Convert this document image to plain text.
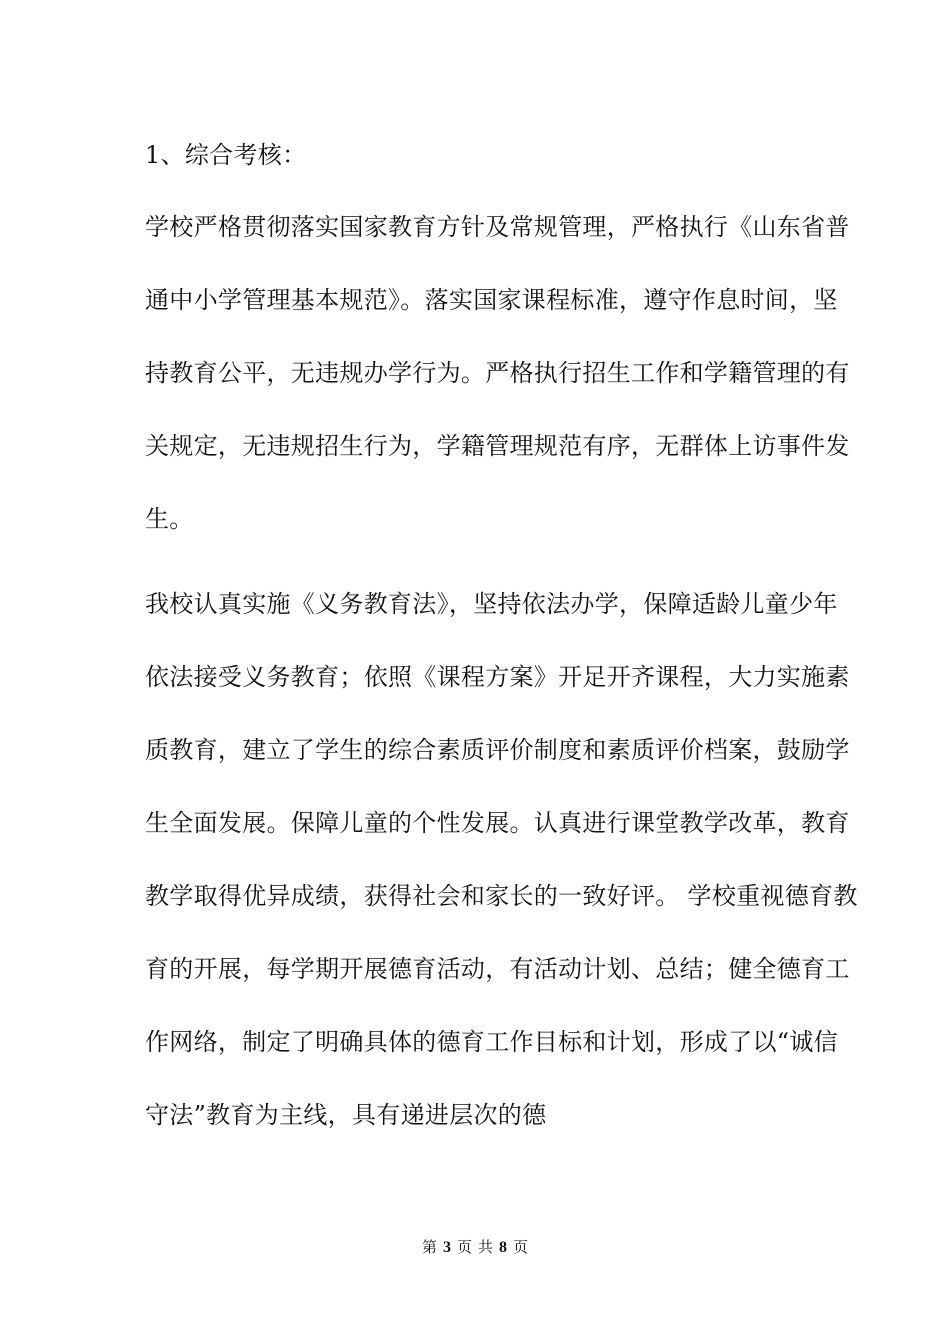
1、综合考核：
学校严格贯彻落实国家教育方针及常规管理，严格执行《山东省普
通中小学管理基本规范》。落实国家课程标准，遵守作息时间，坚
持教育公平，无违规办学行为。严格执行招生工作和学籍管理的有
关规定，无违规招生行为，学籍管理规范有序，无群体上访事件发
生。
我校认真实施《义务教育法》，坚持依法办学，保障适龄儿童少年
依法接受义务教育；依照《课程方案》开足开齐课程，大力实施素
质教育，建立了学生的综合素质评价制度和素质评价档案，鼓励学
生全面发展。保障儿童的个性发展。认真进行课堂教学改革，教育
教学取得优异成绩，获得社会和家长的一致好评。 学校重视德育教
育的开展，每学期开展德育活动，有活动计划、总结；健全德育工
作网络，制定了明确具体的德育工作目标和计划，形成了以“诚信
守法”教育为主线，具有递进层次的德
第 3 页 共 8 页
